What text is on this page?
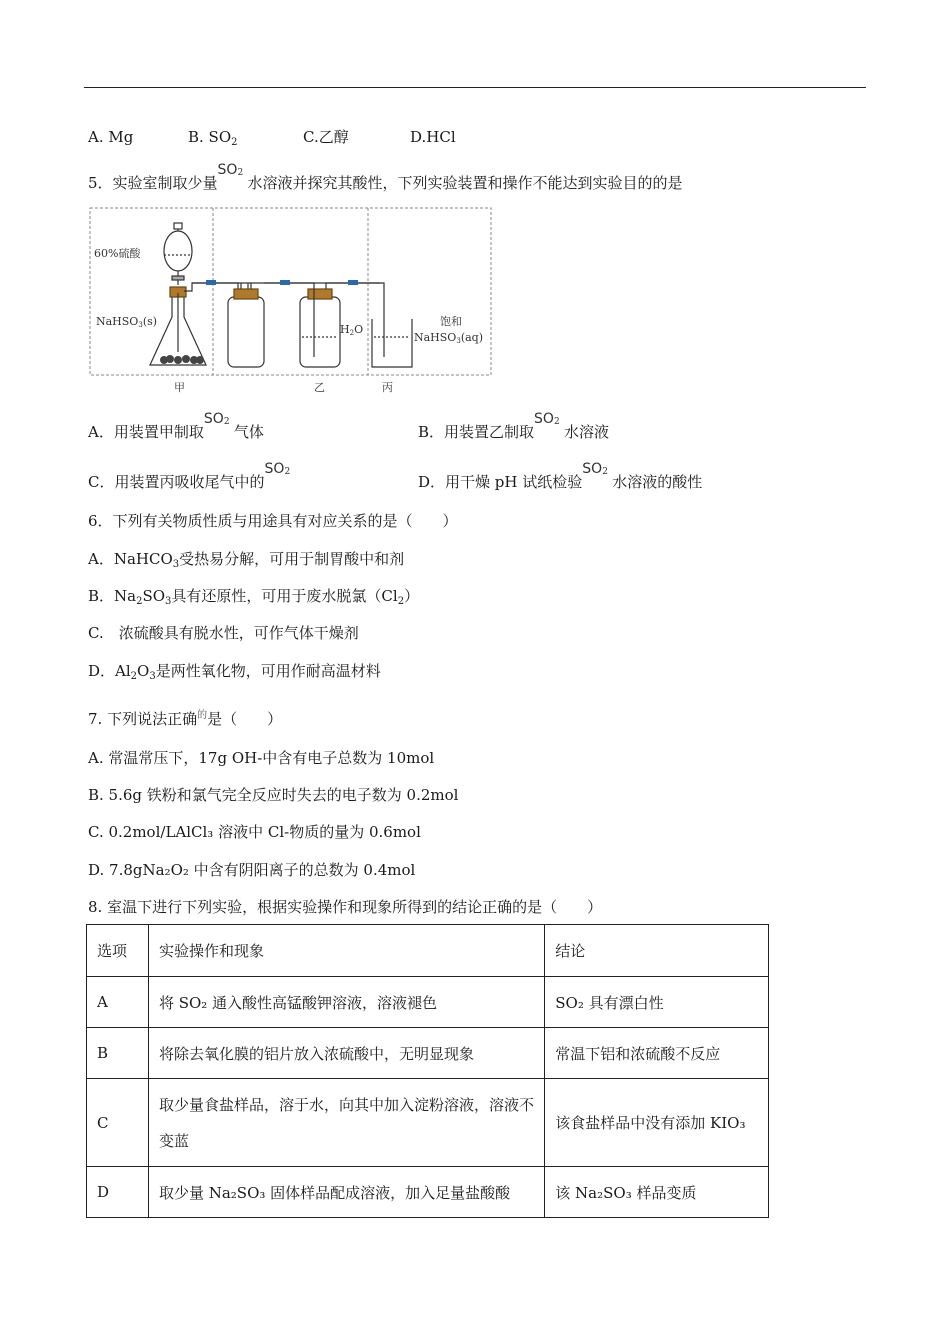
A. Mg	B. $SO_2$	C.乙醇	D.HCl
5．实验室制取少量
SO 2
水溶液并探究其酸性，下列实验装置和操作不能达到实验目的的是
60%硫酸
NaHSO3(s)
H2O
饱和
NaHSO3(aq)
甲	乙	丙
A．用装置甲制取
SO 2
气体	B．用装置乙制取
SO 2
水溶液
C．用装置丙吸收尾气中的
SO 2
D．用干燥 pH 试纸检验
SO 2
水溶液的酸性
6．下列有关物质性质与用途具有对应关系的是（　　）
A．NaHCO$_3$受热易分解，可用于制胃酸中和剂
B．$Na_2SO_3$具有还原性，可用于废水脱氯$(Cl_2)$
C.　浓硫酸具有脱水性，可作气体干燥剂
D．$Al_2O_3$是两性氧化物，可用作耐高温材料
7. 下列说法正确$^的$是（　　）
A. 常温常压下，17g OH-中含有电子总数为 10mol
B. 5.6g 铁粉和氯气完全反应时失去的电子数为 0.2mol
C. 0.2mol/LAlCl₃ 溶液中 Cl-物质的量为 0.6mol
D. 7.8gNa₂O₂ 中含有阴阳离子的总数为 0.4mol
8. 室温下进行下列实验，根据实验操作和现象所得到的结论正确的是（　　）
选项	实验操作和现象	结论
A	将 SO₂ 通入酸性高锰酸钾溶液，溶液褪色	SO₂ 具有漂白性
B	将除去氧化膜的铝片放入浓硫酸中，无明显现象	常温下铝和浓硫酸不反应
C	取少量食盐样品，溶于水，向其中加入淀粉溶液，溶液不变蓝	该食盐样品中没有添加 KIO₃
D	取少量 Na₂SO₃ 固体样品配成溶液，加入足量盐酸酸	该 Na₂SO₃ 样品变质
